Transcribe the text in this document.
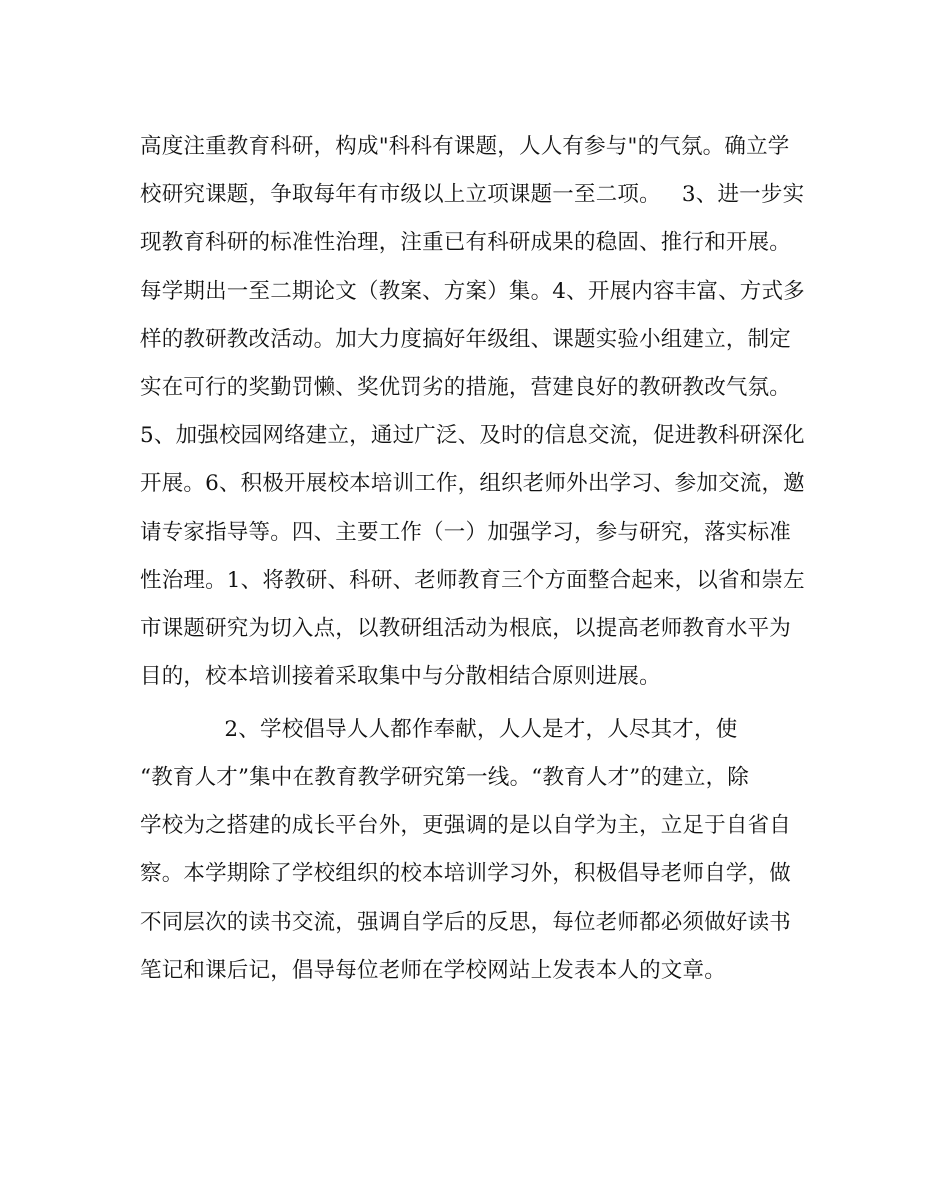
高度注重教育科研，构成"科科有课题，人人有参与"的气氛。确立学
校研究课题，争取每年有市级以上立项课题一至二项。   3、进一步实
现教育科研的标准性治理，注重已有科研成果的稳固、推行和开展。
每学期出一至二期论文（教案、方案）集。4、开展内容丰富、方式多
样的教研教改活动。加大力度搞好年级组、课题实验小组建立，制定
实在可行的奖勤罚懒、奖优罚劣的措施，营建良好的教研教改气氛。
5、加强校园网络建立，通过广泛、及时的信息交流，促进教科研深化
开展。6、积极开展校本培训工作，组织老师外出学习、参加交流，邀
请专家指导等。四、主要工作（一）加强学习，参与研究，落实标准
性治理。1、将教研、科研、老师教育三个方面整合起来，以省和崇左
市课题研究为切入点，以教研组活动为根底，以提高老师教育水平为
目的，校本培训接着采取集中与分散相结合原则进展。
2、学校倡导人人都作奉献，人人是才，人尽其才，使
“教育人才”集中在教育教学研究第一线。“教育人才”的建立，除
学校为之搭建的成长平台外，更强调的是以自学为主，立足于自省自
察。本学期除了学校组织的校本培训学习外，积极倡导老师自学，做
不同层次的读书交流，强调自学后的反思，每位老师都必须做好读书
笔记和课后记，倡导每位老师在学校网站上发表本人的文章。
